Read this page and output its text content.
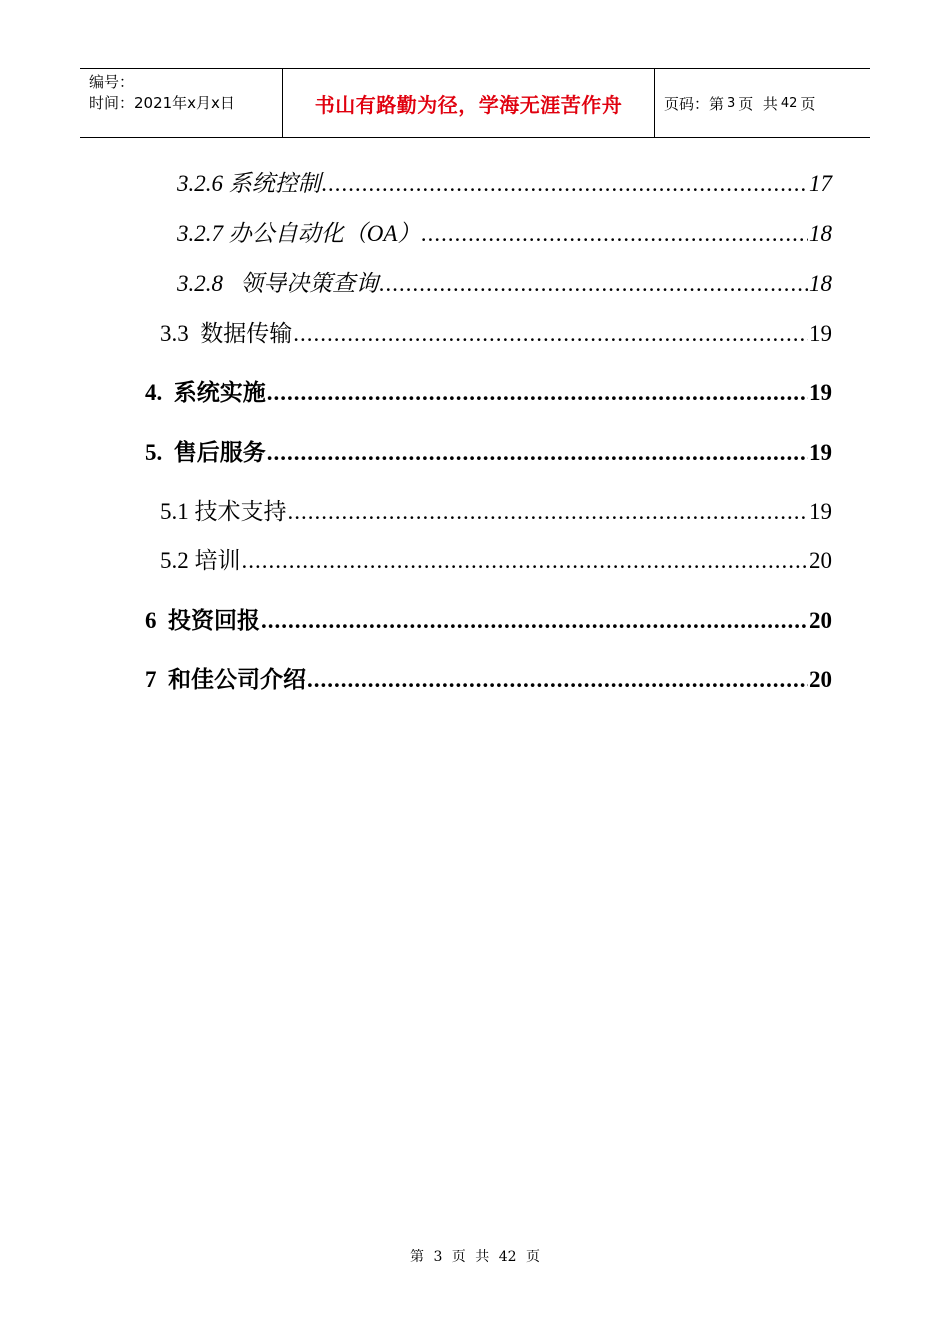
编号：
时间：2021年x月x日	书山有路勤为径，学海无涯苦作舟	页码：第 3 页  共 42 页
3.2.6 系统控制 .....	17
3.2.7 办公自动化（OA） .....	18
3.2.8   领导决策查询 .....	18
3.3  数据传输 .....	19
4.  系统实施 .....	19
5.  售后服务 .....	19
5.1 技术支持 .....	19
5.2 培训 .....	20
6  投资回报 .....	20
7  和佳公司介绍 .....	20
第 3 页 共 42 页
